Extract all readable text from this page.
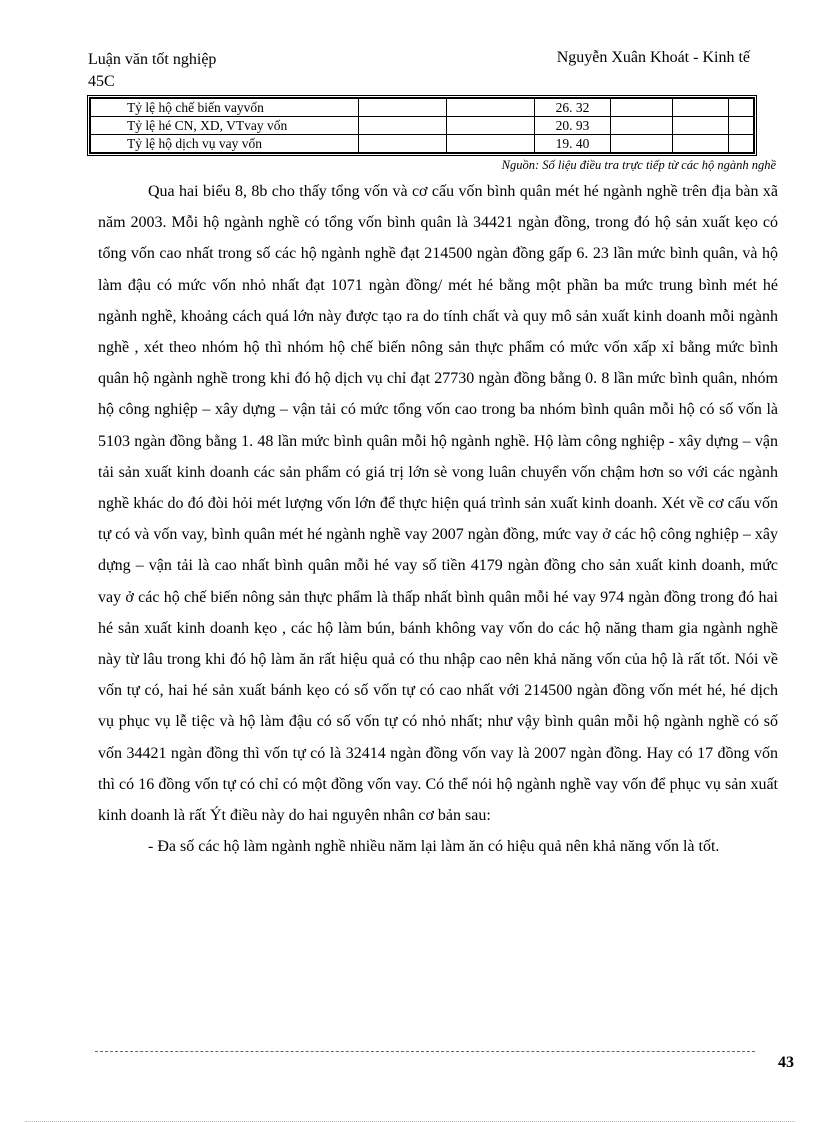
Luận văn tốt nghiệp
45C
Nguyễn Xuân Khoát - Kinh tế
Tỷ lệ hộ chế biến vayvốn			26. 32			
Tỷ lệ hé CN, XD, VTvay vốn			20. 93			
Tỷ lệ hộ dịch vụ vay vốn			19. 40			
Nguồn: Số liệu điều tra trực tiếp từ các hộ ngành nghề

Qua hai biểu 8, 8b cho thấy tổng vốn và cơ cấu vốn bình quân mét hé ngành nghề trên địa bàn xã năm 2003. Mỗi hộ ngành nghề có tổng vốn bình quân là 34421 ngàn đồng, trong đó hộ sản xuất kẹo có tổng vốn cao nhất trong số các hộ ngành nghề đạt 214500 ngàn đồng gấp 6. 23 lần mức bình quân, và hộ làm đậu có mức vốn nhỏ nhất đạt 1071 ngàn đồng/ mét hé bằng một phần ba mức trung bình mét hé ngành nghề, khoảng cách quá lớn này được tạo ra do tính chất và quy mô sản xuất kinh doanh mỗi ngành nghề , xét theo nhóm hộ thì nhóm hộ chế biến nông sản thực phẩm có mức vốn xấp xỉ bằng mức bình quân hộ ngành nghề trong khi đó hộ dịch vụ chỉ đạt 27730 ngàn đồng bằng 0. 8 lần mức bình quân, nhóm hộ công nghiệp – xây dựng – vận tải có mức tổng vốn cao trong ba nhóm bình quân mỗi hộ có số vốn là 5103 ngàn đồng bằng 1. 48 lần mức bình quân mỗi hộ ngành nghề. Hộ làm công nghiệp - xây dựng – vận tải sản xuất kinh doanh các sản phẩm có giá trị lớn sè vong luân chuyển vốn chậm hơn so với các ngành nghề khác do đó đòi hỏi mét lượng vốn lớn để thực hiện quá trình sản xuất kinh doanh. Xét về cơ cấu vốn tự có và vốn vay, bình quân mét hé ngành nghề vay 2007 ngàn đồng, mức vay ở các hộ công nghiệp – xây dựng – vận tải là cao nhất bình quân mỗi hé vay số tiền 4179 ngàn đồng cho sản xuất kinh doanh, mức vay ở các hộ chế biến nông sản thực phẩm là thấp nhất bình quân mỗi hé vay 974 ngàn đồng trong đó hai hé sản xuất kinh doanh kẹo , các hộ làm bún, bánh không vay vốn do các hộ năng tham gia ngành nghề này từ lâu trong khi đó hộ làm ăn rất hiệu quả có thu nhập cao nên khả năng vốn của hộ là rất tốt. Nói về vốn tự có, hai hé sản xuất bánh kẹo có số vốn tự có cao nhất với 214500 ngàn đồng vốn mét hé, hé dịch vụ phục vụ lễ tiệc và hộ làm đậu có số vốn tự có nhỏ nhất; như vậy bình quân mỗi hộ ngành nghề có số vốn 34421 ngàn đồng thì vốn tự có là 32414 ngàn đồng vốn vay là 2007 ngàn đồng. Hay có 17 đồng vốn thì có 16 đồng vốn tự có chỉ có một đồng vốn vay. Có thể nói hộ ngành nghề vay vốn để phục vụ sản xuất kinh doanh là rất Ýt điều này do hai nguyên nhân cơ bản sau:

- Đa số các hộ làm ngành nghề nhiều năm lại làm ăn có hiệu quả nên khả năng vốn là tốt.

43
